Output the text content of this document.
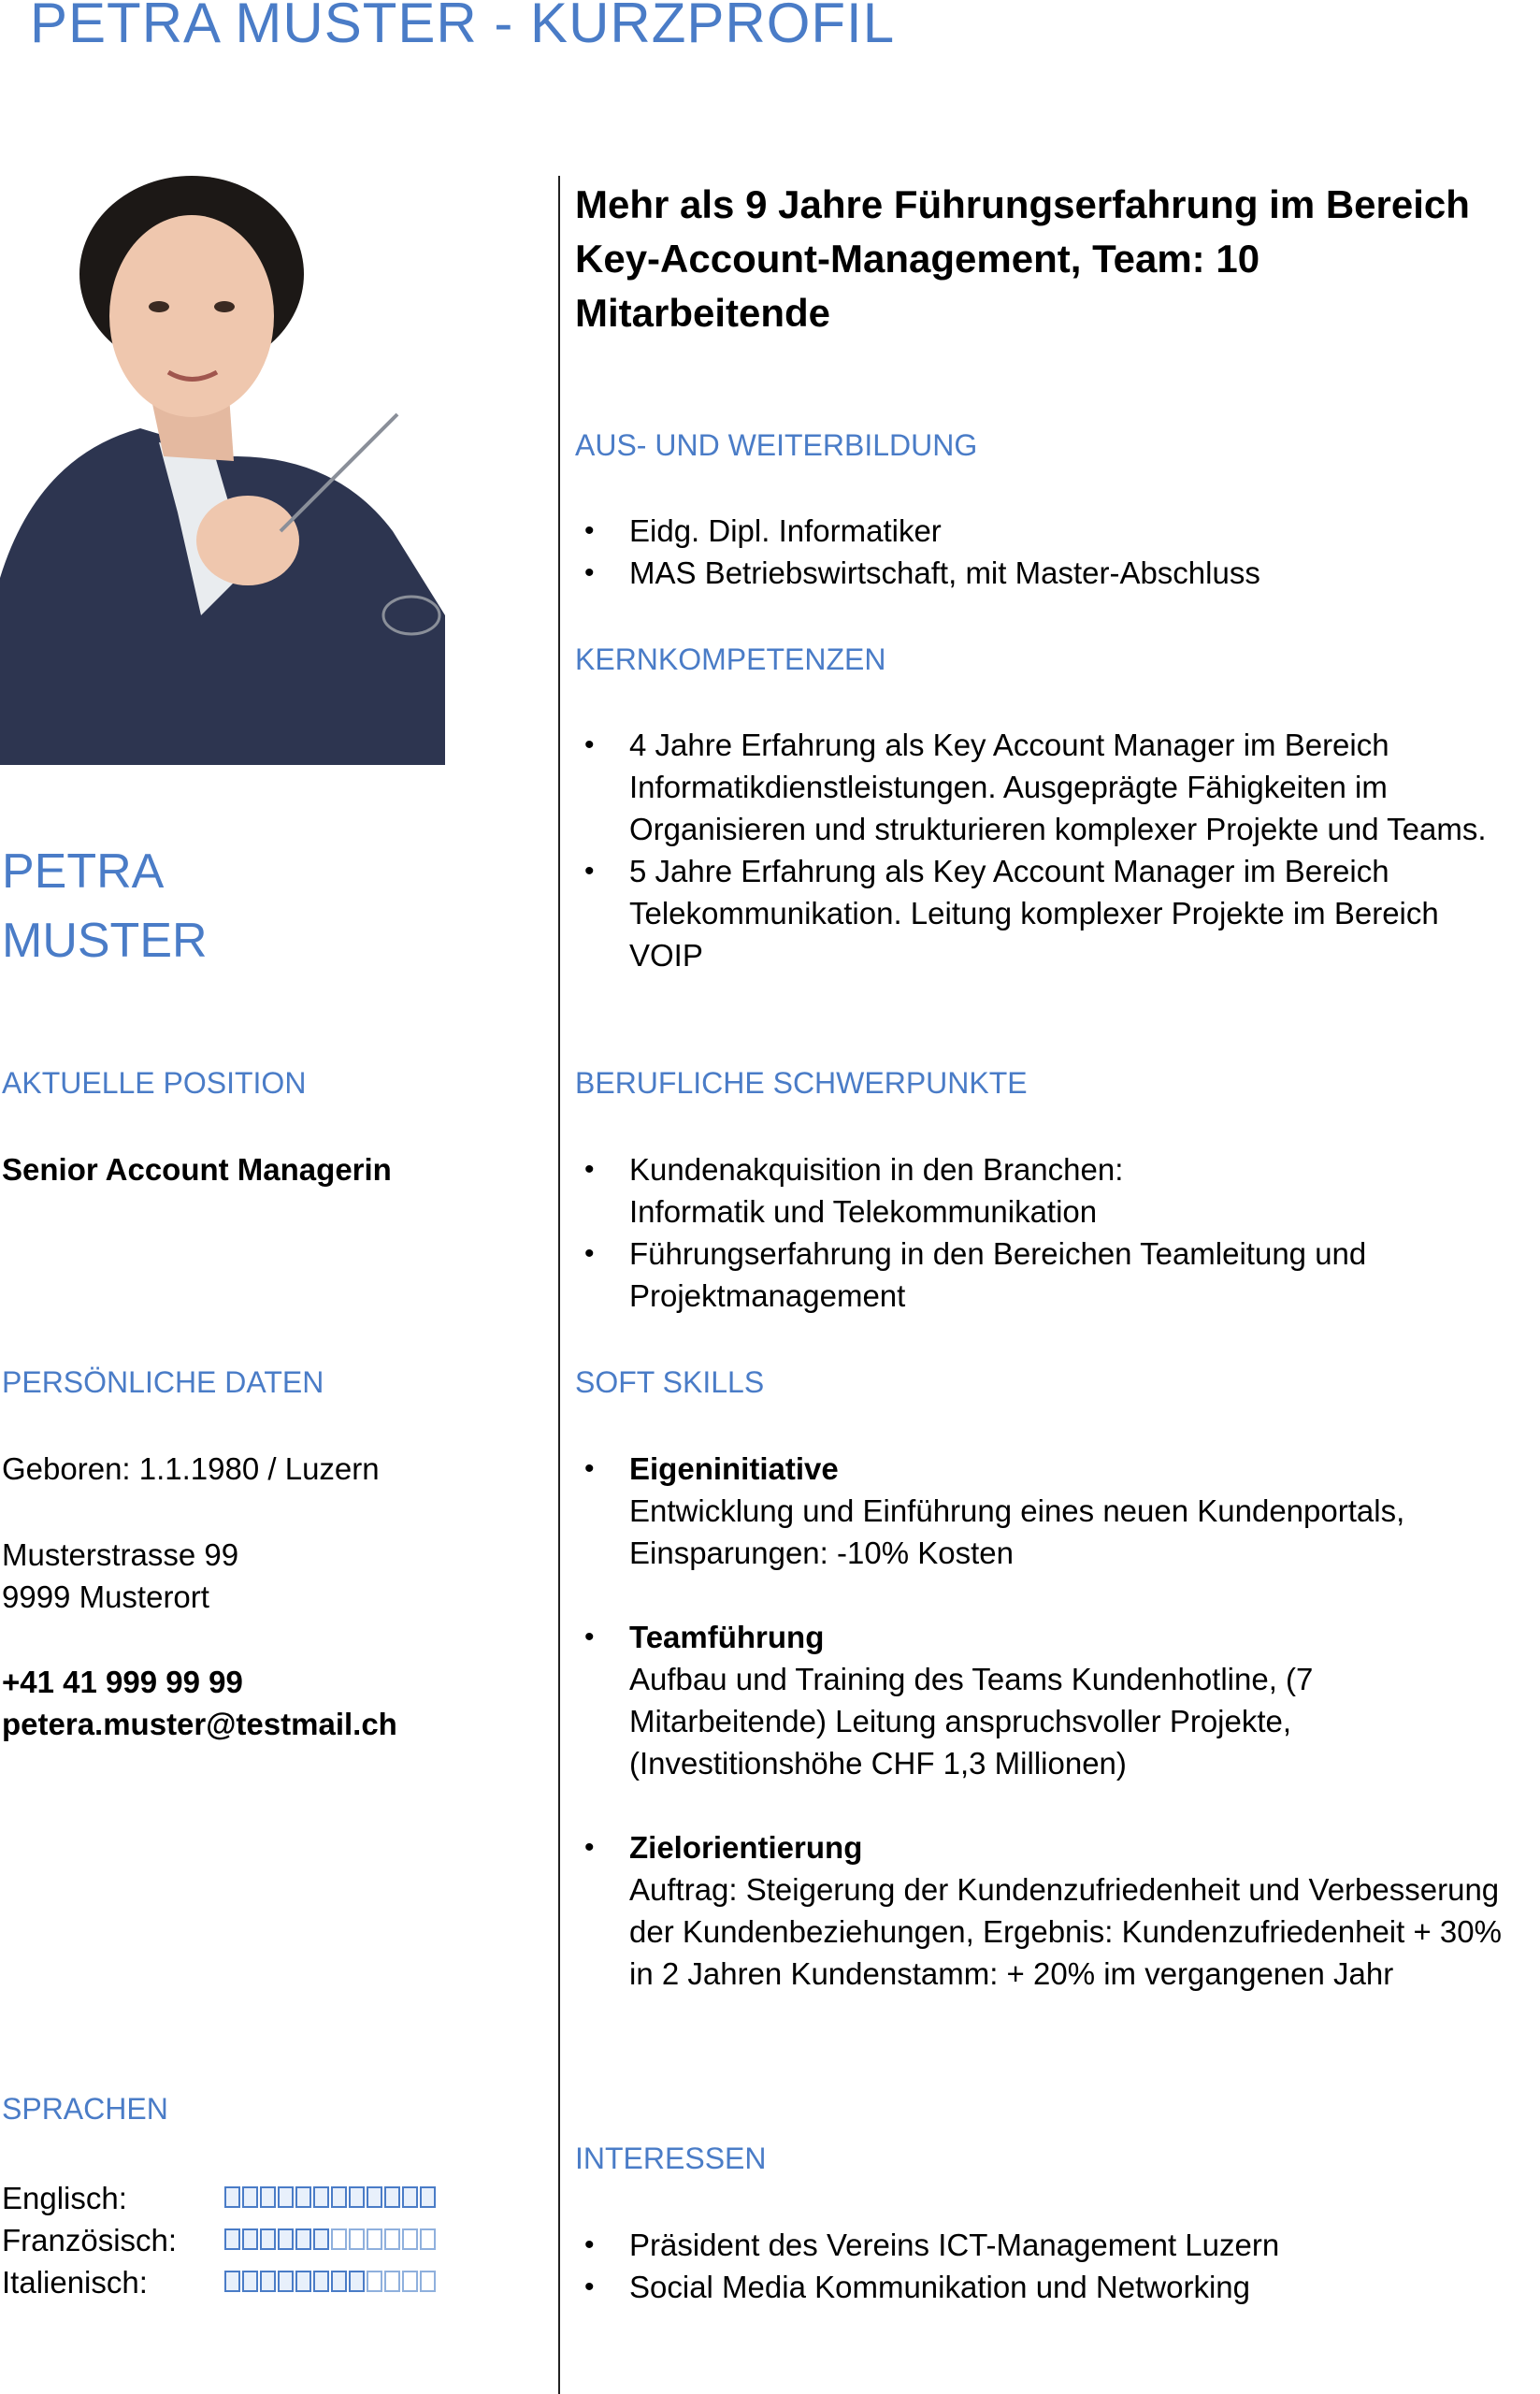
PETRA MUSTER - KURZPROFIL
PETRA
MUSTER
AKTUELLE POSITION
Senior Account Managerin
PERSÖNLICHE DATEN
Geboren: 1.1.1980 / Luzern
Musterstrasse 99
9999 Musterort
+41 41 999 99 99
petera.muster@testmail.ch
SPRACHEN
Englisch:
Französisch:
Italienisch:
Mehr als 9 Jahre Führungserfahrung im Bereich Key-Account-Management, Team: 10 Mitarbeitende
AUS- UND WEITERBILDUNG
• Eidg. Dipl. Informatiker
• MAS Betriebswirtschaft, mit Master-Abschluss
KERNKOMPETENZEN
• 4 Jahre Erfahrung als Key Account Manager im Bereich Informatikdienstleistungen. Ausgeprägte Fähigkeiten im Organisieren und strukturieren komplexer Projekte und Teams.
• 5 Jahre Erfahrung als Key Account Manager im Bereich Telekommunikation. Leitung komplexer Projekte im Bereich VOIP
BERUFLICHE SCHWERPUNKTE
• Kundenakquisition in den Branchen:
Informatik und Telekommunikation
• Führungserfahrung in den Bereichen Teamleitung und
Projektmanagement
SOFT SKILLS
• Eigeninitiative
Entwicklung und Einführung eines neuen Kundenportals, Einsparungen: -10% Kosten
• Teamführung
Aufbau und Training des Teams Kundenhotline, (7 Mitarbeitende) Leitung anspruchsvoller Projekte, (Investitionshöhe CHF 1,3 Millionen)
• Zielorientierung
Auftrag: Steigerung der Kundenzufriedenheit und Verbesserung der Kundenbeziehungen, Ergebnis: Kundenzufriedenheit + 30% in 2 Jahren Kundenstamm: + 20% im vergangenen Jahr
INTERESSEN
• Präsident des Vereins ICT-Management Luzern
• Social Media Kommunikation und Networking
